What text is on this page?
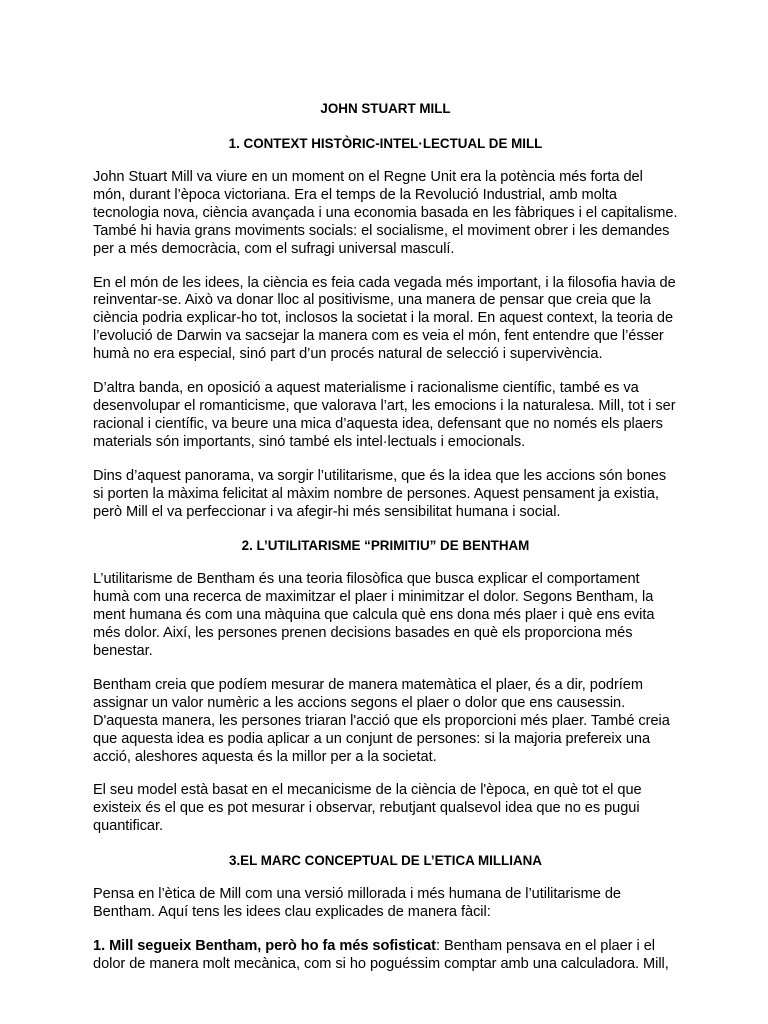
JOHN STUART MILL
1. CONTEXT HISTÒRIC-INTEL·LECTUAL DE MILL

John Stuart Mill va viure en un moment on el Regne Unit era la potència més forta del món, durant l’època victoriana. Era el temps de la Revolució Industrial, amb molta tecnologia nova, ciència avançada i una economia basada en les fàbriques i el capitalisme. També hi havia grans moviments socials: el socialisme, el moviment obrer i les demandes per a més democràcia, com el sufragi universal masculí.

En el món de les idees, la ciència es feia cada vegada més important, i la filosofia havia de reinventar-se. Això va donar lloc al positivisme, una manera de pensar que creia que la ciència podria explicar-ho tot, inclosos la societat i la moral. En aquest context, la teoria de l’evolució de Darwin va sacsejar la manera com es veia el món, fent entendre que l’ésser humà no era especial, sinó part d’un procés natural de selecció i supervivència.

D’altra banda, en oposició a aquest materialisme i racionalisme científic, també es va desenvolupar el romanticisme, que valorava l’art, les emocions i la naturalesa. Mill, tot i ser racional i científic, va beure una mica d’aquesta idea, defensant que no només els plaers materials són importants, sinó també els intel·lectuals i emocionals.

Dins d’aquest panorama, va sorgir l’utilitarisme, que és la idea que les accions són bones si porten la màxima felicitat al màxim nombre de persones. Aquest pensament ja existia, però Mill el va perfeccionar i va afegir-hi més sensibilitat humana i social.

2. L’UTILITARISME “PRIMITIU” DE BENTHAM

L’utilitarisme de Bentham és una teoria filosòfica que busca explicar el comportament humà com una recerca de maximitzar el plaer i minimitzar el dolor. Segons Bentham, la ment humana és com una màquina que calcula què ens dona més plaer i què ens evita més dolor. Així, les persones prenen decisions basades en què els proporciona més benestar.

Bentham creia que podíem mesurar de manera matemàtica el plaer, és a dir, podríem assignar un valor numèric a les accions segons el plaer o dolor que ens causessin. D'aquesta manera, les persones triaran l'acció que els proporcioni més plaer. També creia que aquesta idea es podia aplicar a un conjunt de persones: si la majoria prefereix una acció, aleshores aquesta és la millor per a la societat.

El seu model està basat en el mecanicisme de la ciència de l'època, en què tot el que existeix és el que es pot mesurar i observar, rebutjant qualsevol idea que no es pugui quantificar.

3.EL MARC CONCEPTUAL DE L’ETICA MILLIANA

Pensa en l’ètica de Mill com una versió millorada i més humana de l’utilitarisme de Bentham. Aquí tens les idees clau explicades de manera fàcil:

1. Mill segueix Bentham, però ho fa més sofisticat: Bentham pensava en el plaer i el dolor de manera molt mecànica, com si ho poguéssim comptar amb una calculadora. Mill,
